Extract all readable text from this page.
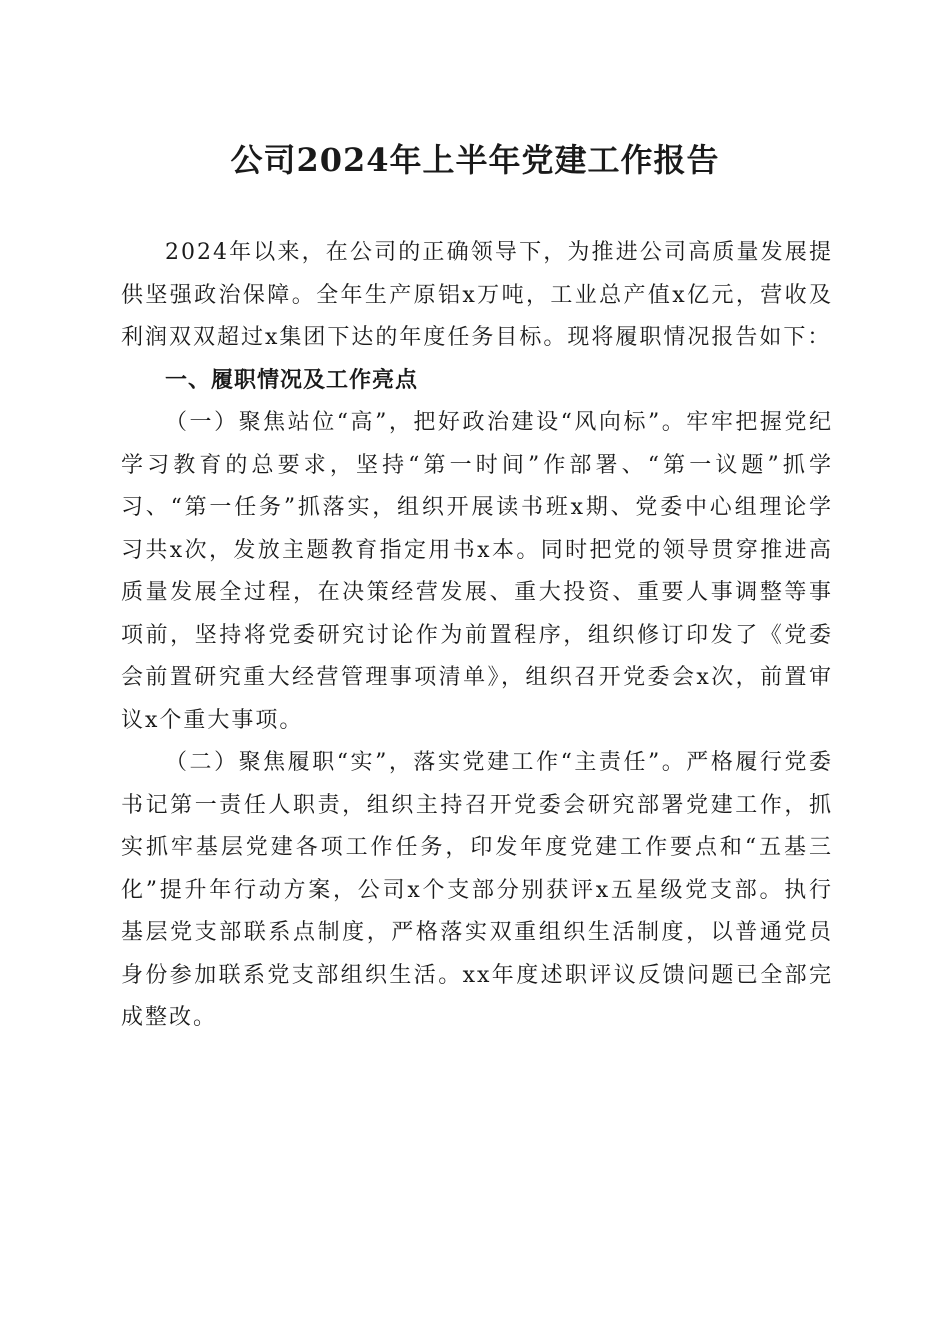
公司2024年上半年党建工作报告

2024年以来，在公司的正确领导下，为推进公司高质量发展提供坚强政治保障。全年生产原铝x万吨，工业总产值x亿元，营收及利润双双超过x集团下达的年度任务目标。现将履职情况报告如下：

一、履职情况及工作亮点

（一）聚焦站位“高”，把好政治建设“风向标”。牢牢把握党纪学习教育的总要求，坚持“第一时间”作部署、“第一议题”抓学习、“第一任务”抓落实，组织开展读书班x期、党委中心组理论学习共x次，发放主题教育指定用书x本。同时把党的领导贯穿推进高质量发展全过程，在决策经营发展、重大投资、重要人事调整等事项前，坚持将党委研究讨论作为前置程序，组织修订印发了《党委会前置研究重大经营管理事项清单》，组织召开党委会x次，前置审议x个重大事项。

（二）聚焦履职“实”，落实党建工作“主责任”。严格履行党委书记第一责任人职责，组织主持召开党委会研究部署党建工作，抓实抓牢基层党建各项工作任务，印发年度党建工作要点和“五基三化”提升年行动方案，公司x个支部分别获评x五星级党支部。执行基层党支部联系点制度，严格落实双重组织生活制度，以普通党员身份参加联系党支部组织生活。xx年度述职评议反馈问题已全部完成整改。
